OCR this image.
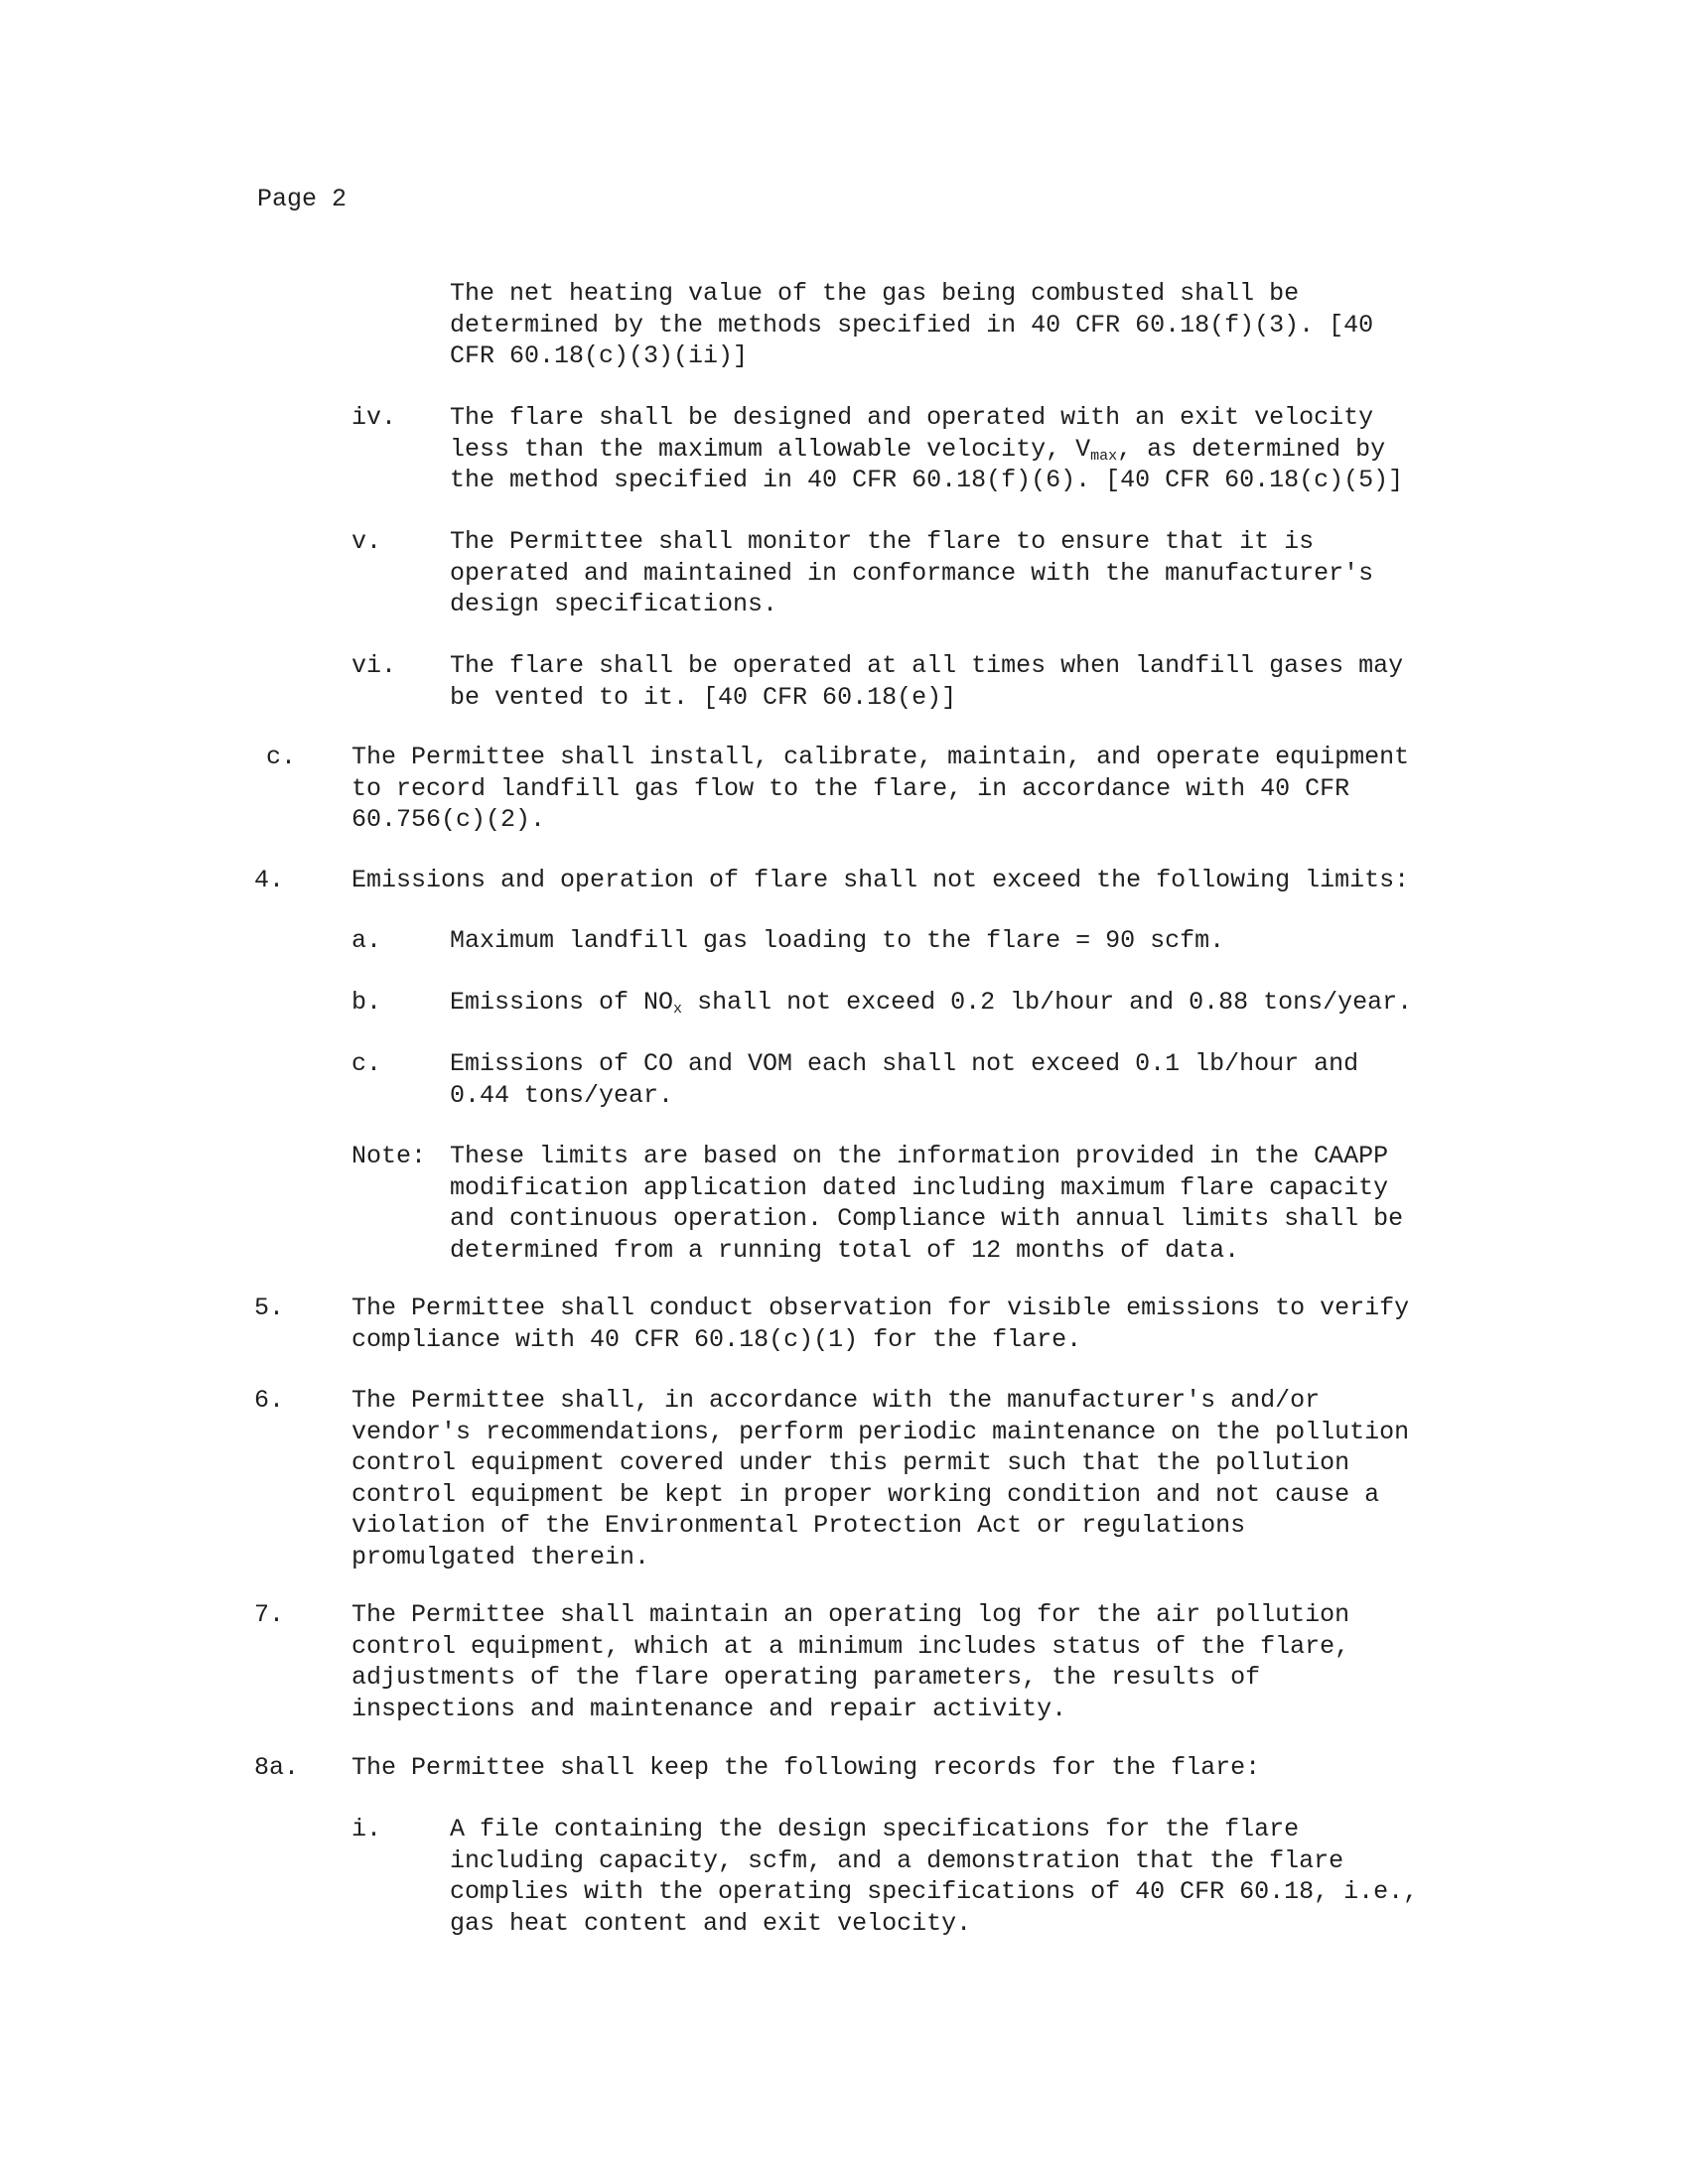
Page 2
The net heating value of the gas being combusted shall be
determined by the methods specified in 40 CFR 60.18(f)(3). [40
CFR 60.18(c)(3)(ii)]
iv. The flare shall be designed and operated with an exit velocity
less than the maximum allowable velocity, $V_{max}$, as determined by
the method specified in 40 CFR 60.18(f)(6). [40 CFR 60.18(c)(5)]
v.	The Permittee shall monitor the flare to ensure that it is
operated and maintained in conformance with the manufacturer's
design specifications.
vi. The flare shall be operated at all times when landfill gases may
be vented to it. [40 CFR 60.18(e)]
c. The Permittee shall install, calibrate, maintain, and operate equipment
to record landfill gas flow to the flare, in accordance with 40 CFR
60.756(c)(2).
4.	Emissions and operation of flare shall not exceed the following limits:
a.	Maximum landfill gas loading to the flare = 90 scfm.
b.	Emissions of $NO_x$ shall not exceed 0.2 lb/hour and 0.88 tons/year.
c.	Emissions of CO and VOM each shall not exceed 0.1 lb/hour and
0.44 tons/year.
Note: These limits are based on the information provided in the CAAPP
modification application dated including maximum flare capacity
and continuous operation. Compliance with annual limits shall be
determined from a running total of 12 months of data.
5.	The Permittee shall conduct observation for visible emissions to verify
compliance with 40 CFR 60.18(c)(1) for the flare.
6.	The Permittee shall, in accordance with the manufacturer's and/or
vendor's recommendations, perform periodic maintenance on the pollution
control equipment covered under this permit such that the pollution
control equipment be kept in proper working condition and not cause a
violation of the Environmental Protection Act or regulations
promulgated therein.
7.	The Permittee shall maintain an operating log for the air pollution
control equipment, which at a minimum includes status of the flare,
adjustments of the flare operating parameters, the results of
inspections and maintenance and repair activity.
8a. The Permittee shall keep the following records for the flare:
i.	A file containing the design specifications for the flare
including capacity, scfm, and a demonstration that the flare
complies with the operating specifications of 40 CFR 60.18, i.e.,
gas heat content and exit velocity.
